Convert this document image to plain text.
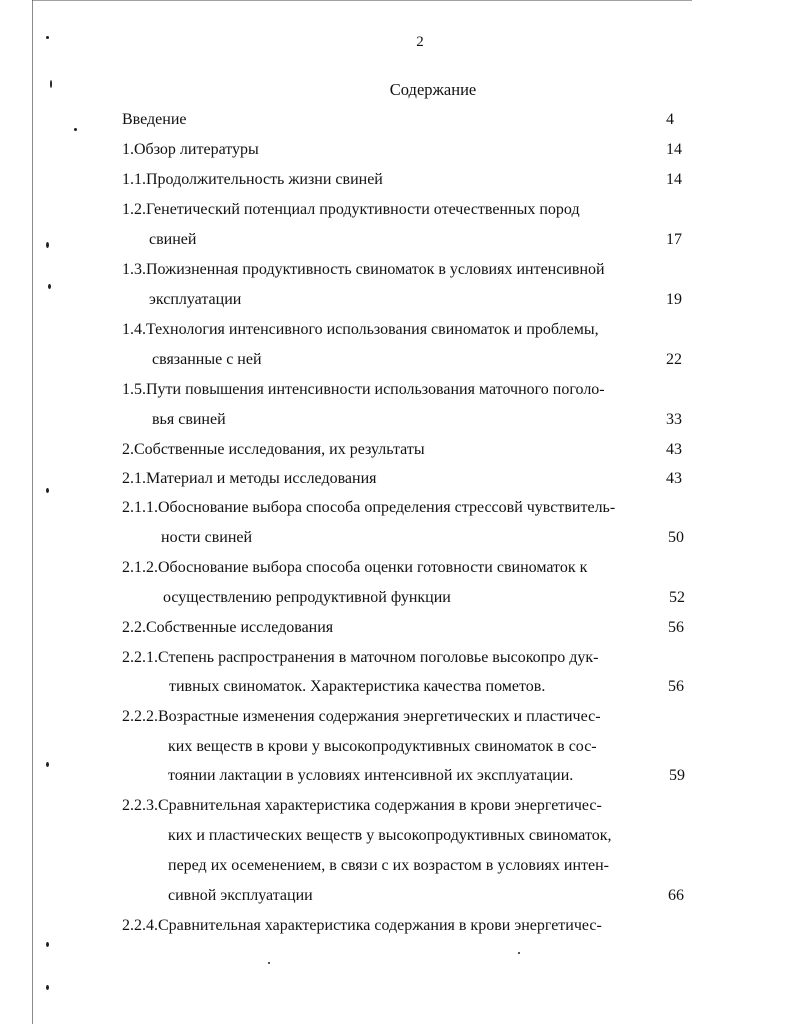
2
Содержание
Введение	4
1.Обзор литературы	14
1.1.Продолжительность жизни свиней	14
1.2.Генетический потенциал продуктивности отечественных пород
свиней	17
1.3.Пожизненная продуктивность свиноматок в условиях интенсивной
эксплуатации	19
1.4.Технология интенсивного использования свиноматок и проблемы,
связанные с ней	22
1.5.Пути повышения интенсивности использования маточного поголо-
вья свиней	33
2.Собственные исследования, их результаты	43
2.1.Материал и методы исследования	43
2.1.1.Обоснование выбора способа определения стрессовй чувствитель-
ности свиней	50
2.1.2.Обоснование выбора способа оценки готовности свиноматок к
осуществлению репродуктивной функции	52
2.2.Собственные исследования	56
2.2.1.Степень распространения в маточном поголовье высокопро дук-
тивных свиноматок. Характеристика качества пометов.	56
2.2.2.Возрастные изменения содержания энергетических и пластичес-
ких веществ в крови у высокопродуктивных свиноматок в сос-
тоянии лактации в условиях интенсивной их эксплуатации.	59
2.2.3.Сравнительная характеристика содержания в крови энергетичес-
ких и пластических веществ у высокопродуктивных свиноматок,
перед их осеменением, в связи с их возрастом в условиях интен-
сивной эксплуатации	66
2.2.4.Сравнительная характеристика содержания в крови энергетичес-
